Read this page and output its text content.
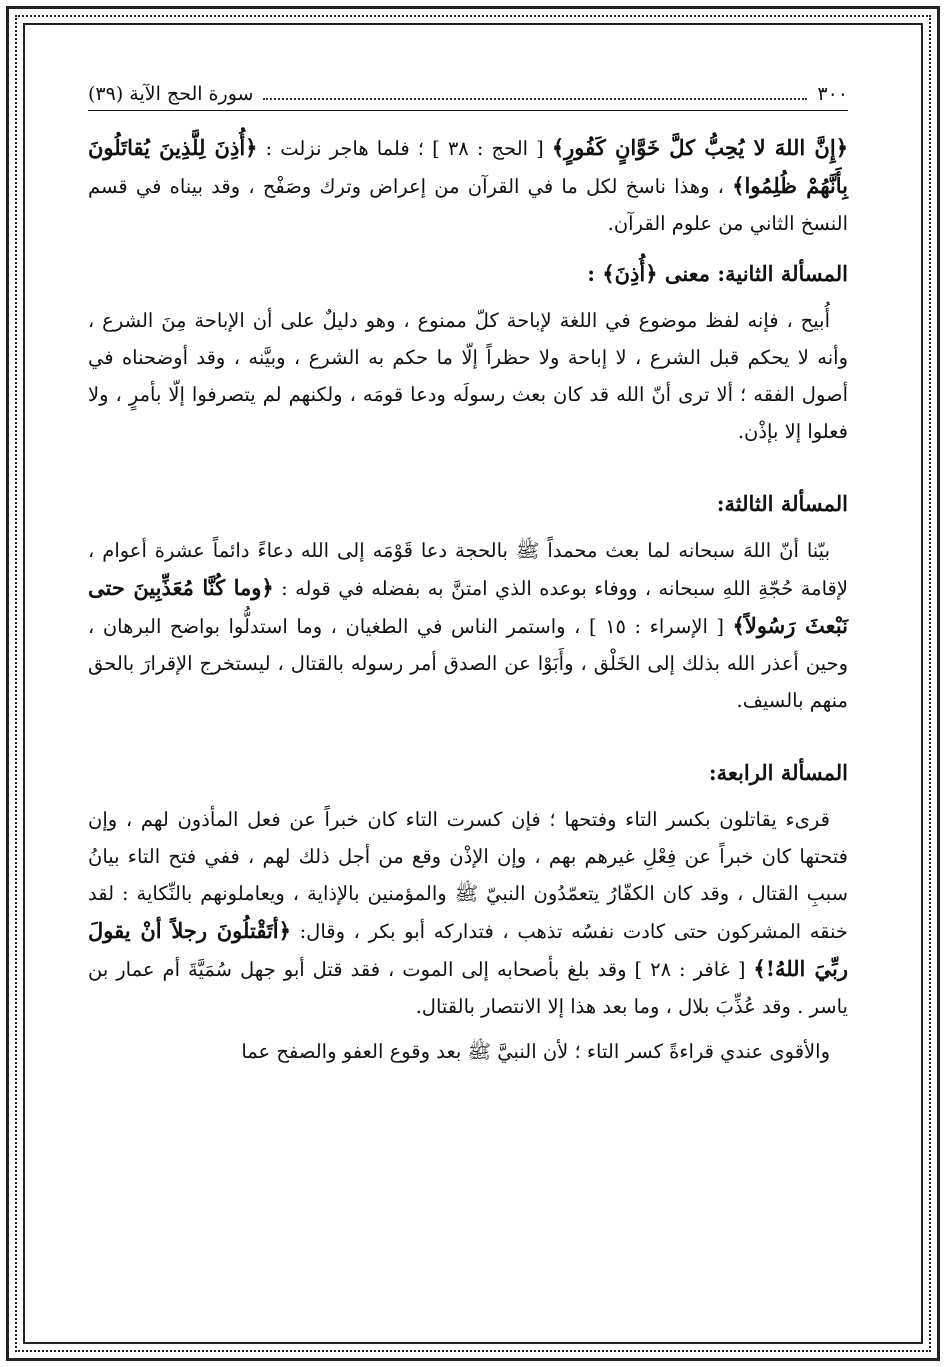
٣٠٠
سورة الحج الآية (٣٩)

﴿إِنَّ اللهَ لا يُحِبُّ كلَّ خَوَّانٍ كَفُورٍ﴾ [ الحج : ٣٨ ] ؛ فلما هاجر نزلت : ﴿أُذِنَ لِلَّذِينَ يُقاتَلُونَ بِأَنَّهُمْ ظُلِمُوا﴾ ، وهذا ناسخ لكل ما في القرآن من إعراض وترك وصَفْح ، وقد بيناه في قسم النسخ الثاني من علوم القرآن.

المسألة الثانية: معنى ﴿أُذِنَ﴾ :

أُبيح ، فإنه لفظ موضوع في اللغة لإباحة كلّ ممنوع ، وهو دليلٌ على أن الإباحة مِنَ الشرع ، وأنه لا يحكم قبل الشرع ، لا إباحة ولا حظراً إلّا ما حكم به الشرع ، وبيَّنه ، وقد أوضحناه في أصول الفقه ؛ ألا ترى أنّ الله قد كان بعث رسولَه ودعا قومَه ، ولكنهم لم يتصرفوا إلّا بأمرٍ ، ولا فعلوا إلا بإذْن.

المسألة الثالثة:

بيّنا أنّ اللهَ سبحانه لما بعث محمداً ﷺ بالحجة دعا قَوْمَه إلى الله دعاءً دائماً عشرة أعوام ، لإقامة حُجّةِ اللهِ سبحانه ، ووفاء بوعده الذي امتنَّ به بفضله في قوله : ﴿وما كُنَّا مُعَذِّبِينَ حتى نَبْعثَ رَسُولاً﴾ [ الإسراء : ١٥ ] ، واستمر الناس في الطغيان ، وما استدلُّوا بواضح البرهان ، وحين أعذر الله بذلك إلى الخَلْق ، وأَبَوْا عن الصدق أمر رسوله بالقتال ، ليستخرج الإقرارَ بالحق منهم بالسيف.

المسألة الرابعة:

قرىء يقاتلون بكسر التاء وفتحها ؛ فإن كسرت التاء كان خبراً عن فعل المأذون لهم ، وإن فتحتها كان خبراً عن فِعْلِ غيرهم بهم ، وإن الإذْن وقع من أجل ذلك لهم ، ففي فتح التاء بيانُ سببِ القتال ، وقد كان الكفّارُ يتعمّدُون النبيّ ﷺ والمؤمنين بالإذاية ، ويعاملونهم بالنِّكاية : لقد خنقه المشركون حتى كادت نفسُه تذهب ، فتداركه أبو بكر ، وقال: ﴿أتَقْتلُونَ رجلاً أنْ يقولَ ربِّيَ اللهُ!﴾ [ غافر : ٢٨ ] وقد بلغ بأصحابه إلى الموت ، فقد قتل أبو جهل سُمَيَّةَ أم عمار بن ياسر . وقد عُذِّبَ بلال ، وما بعد هذا إلا الانتصار بالقتال.

والأقوى عندي قراءةً كسر التاء ؛ لأن النبيَّ ﷺ بعد وقوع العفو والصفح عما
